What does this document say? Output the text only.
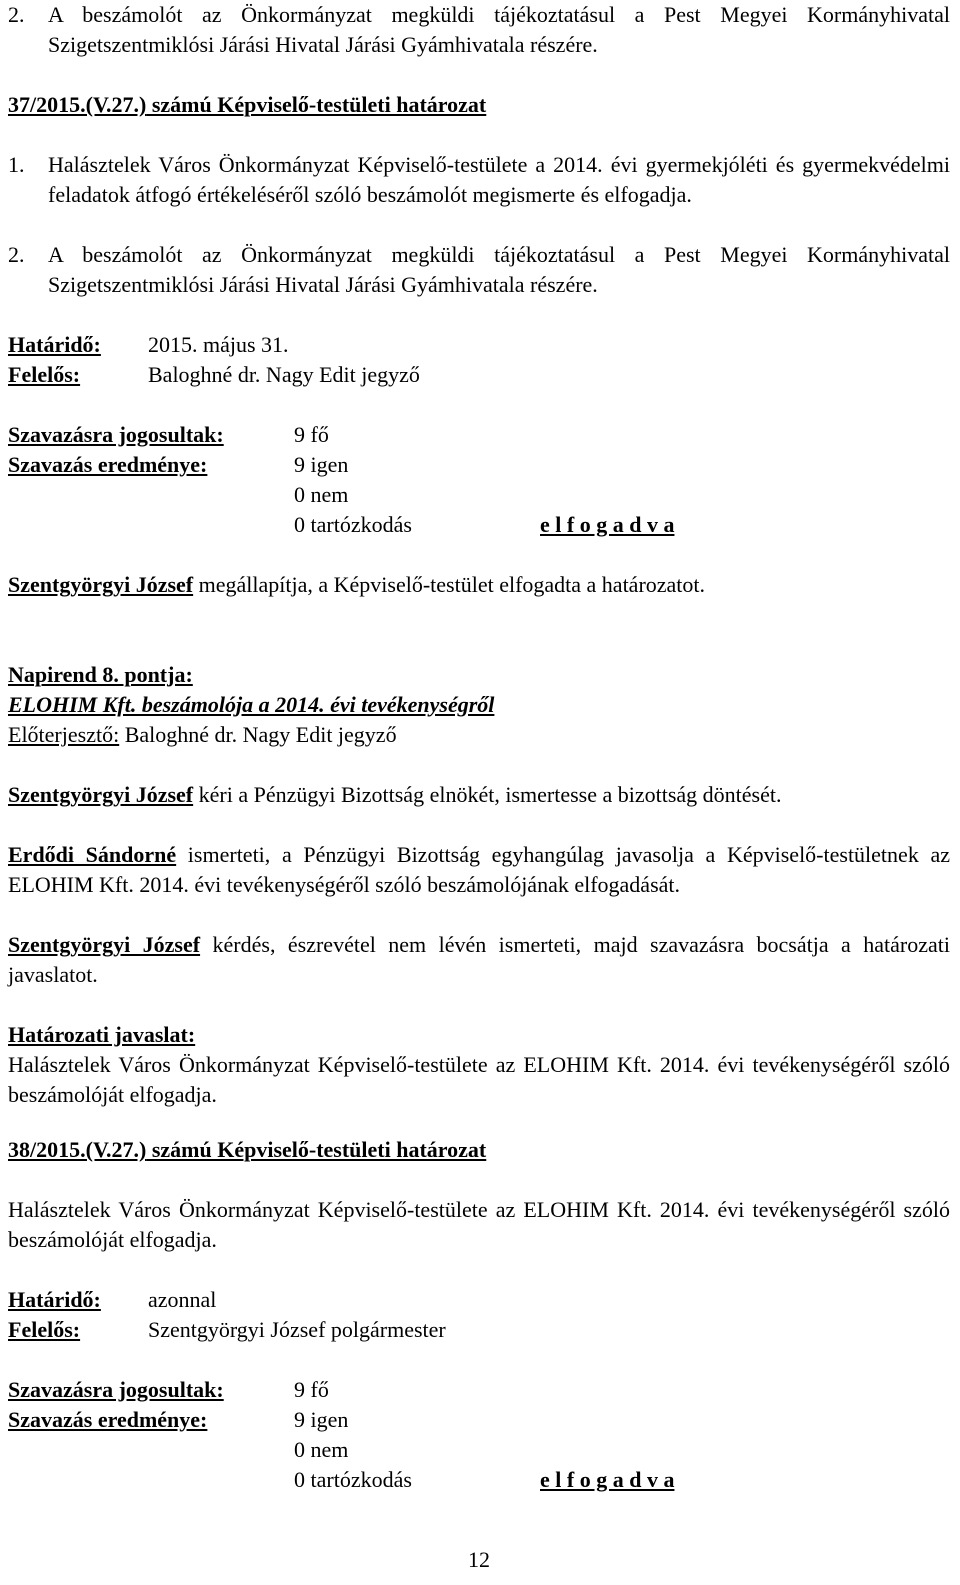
2.	A beszámolót az Önkormányzat megküldi tájékoztatásul a Pest Megyei Kormányhivatal Szigetszentmiklósi Járási Hivatal Járási Gyámhivatala részére.
37/2015.(V.27.) számú Képviselő-testületi határozat
1.	Halásztelek Város Önkormányzat Képviselő-testülete a 2014. évi gyermekjóléti és gyermekvédelmi feladatok átfogó értékeléséről szóló beszámolót megismerte és elfogadja.
2.	A beszámolót az Önkormányzat megküldi tájékoztatásul a Pest Megyei Kormányhivatal Szigetszentmiklósi Járási Hivatal Járási Gyámhivatala részére.
Határidő: 2015. május 31.
Felelős:	Baloghné dr. Nagy Edit jegyző
Szavazásra jogosultak:	9 fő
Szavazás eredménye:	9 igen
0 nem
0 tartózkodás	e l f o g a d v a
Szentgyörgyi József megállapítja, a Képviselő-testület elfogadta a határozatot.
Napirend 8. pontja:
ELOHIM Kft. beszámolója a 2014. évi tevékenységről
Előterjesztő: Baloghné dr. Nagy Edit jegyző
Szentgyörgyi József kéri a Pénzügyi Bizottság elnökét, ismertesse a bizottság döntését.
Erdődi Sándorné ismerteti, a Pénzügyi Bizottság egyhangúlag javasolja a Képviselő-testületnek az ELOHIM Kft. 2014. évi tevékenységéről szóló beszámolójának elfogadását.
Szentgyörgyi József kérdés, észrevétel nem lévén ismerteti, majd szavazásra bocsátja a határozati javaslatot.
Határozati javaslat:
Halásztelek Város Önkormányzat Képviselő-testülete az ELOHIM Kft. 2014. évi tevékenységéről szóló beszámolóját elfogadja.
38/2015.(V.27.) számú Képviselő-testületi határozat
Halásztelek Város Önkormányzat Képviselő-testülete az ELOHIM Kft. 2014. évi tevékenységéről szóló beszámolóját elfogadja.
Határidő: azonnal
Felelős:	Szentgyörgyi József polgármester
Szavazásra jogosultak:	9 fő
Szavazás eredménye:	9 igen
0 nem
0 tartózkodás	e l f o g a d v a
12
